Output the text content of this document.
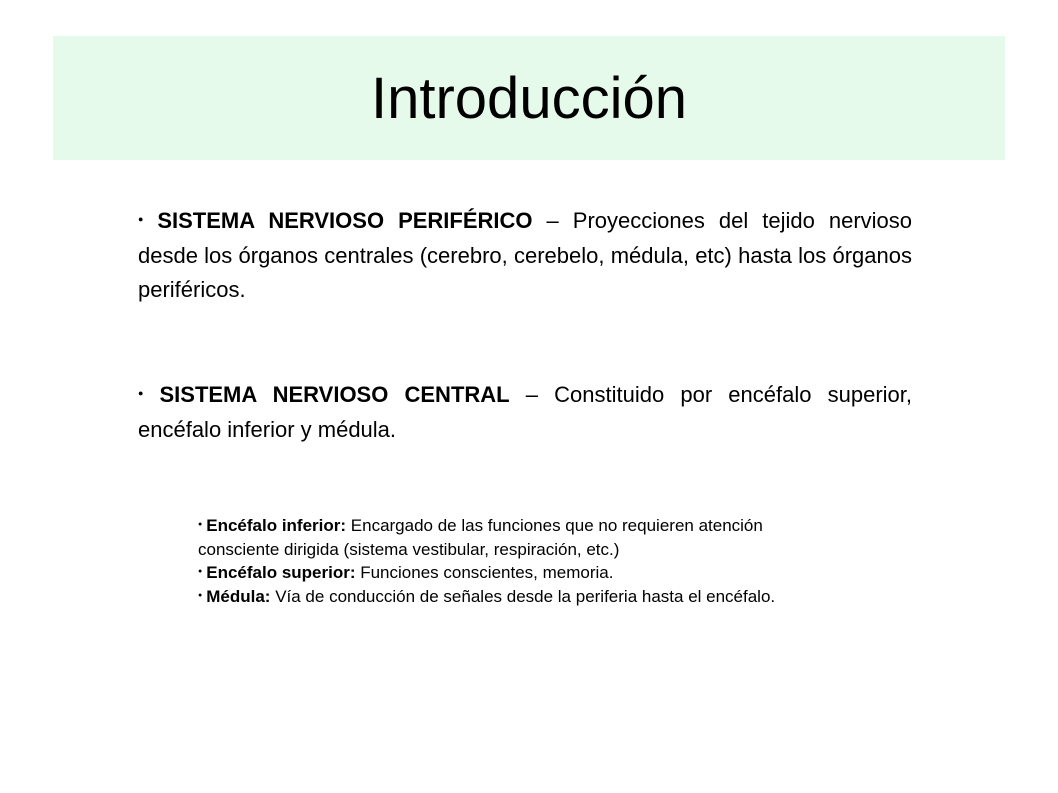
Introducción
● SISTEMA NERVIOSO PERIFÉRICO – Proyecciones del tejido nervioso desde los órganos centrales (cerebro, cerebelo, médula, etc) hasta los órganos periféricos.
● SISTEMA NERVIOSO CENTRAL – Constituido por encéfalo superior, encéfalo inferior y médula.

● Encéfalo inferior: Encargado de las funciones que no requieren atención consciente dirigida (sistema vestibular, respiración, etc.)

● Encéfalo superior: Funciones conscientes, memoria.

● Médula: Vía de conducción de señales desde la periferia hasta el encéfalo.
